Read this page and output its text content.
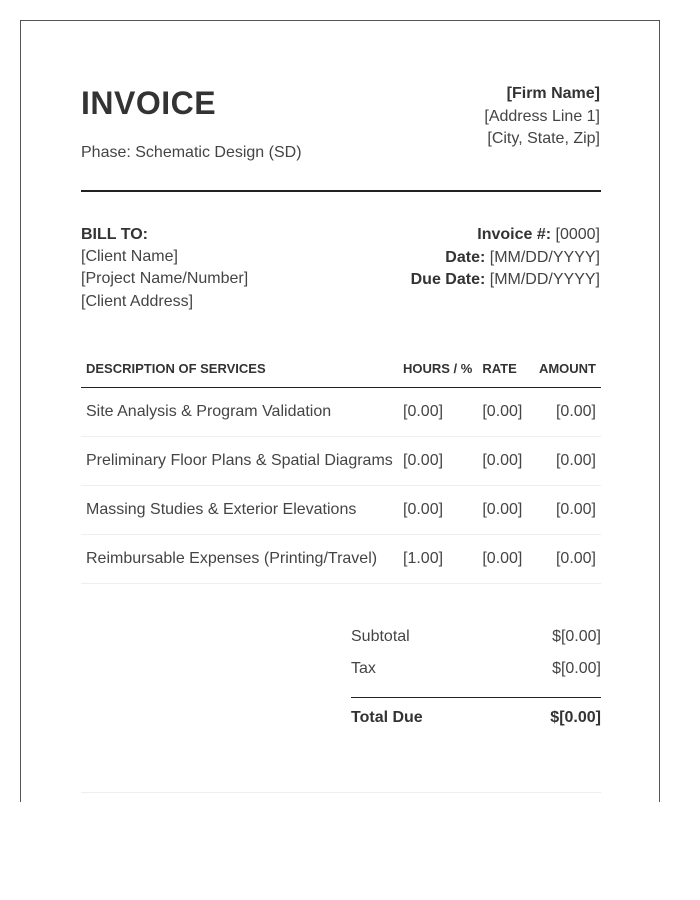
INVOICE
Phase: Schematic Design (SD)
[Firm Name]
[Address Line 1]
[City, State, Zip]
BILL TO:
[Client Name]
[Project Name/Number]
[Client Address]
Invoice #: [0000]
Date: [MM/DD/YYYY]
Due Date: [MM/DD/YYYY]
DESCRIPTION OF SERVICES	HOURS / %	RATE	AMOUNT
Site Analysis & Program Validation	[0.00]	[0.00]	[0.00]
Preliminary Floor Plans & Spatial Diagrams	[0.00]	[0.00]	[0.00]
Massing Studies & Exterior Elevations	[0.00]	[0.00]	[0.00]
Reimbursable Expenses (Printing/Travel)	[1.00]	[0.00]	[0.00]
Subtotal	$[0.00]
Tax	$[0.00]
Total Due	$[0.00]
